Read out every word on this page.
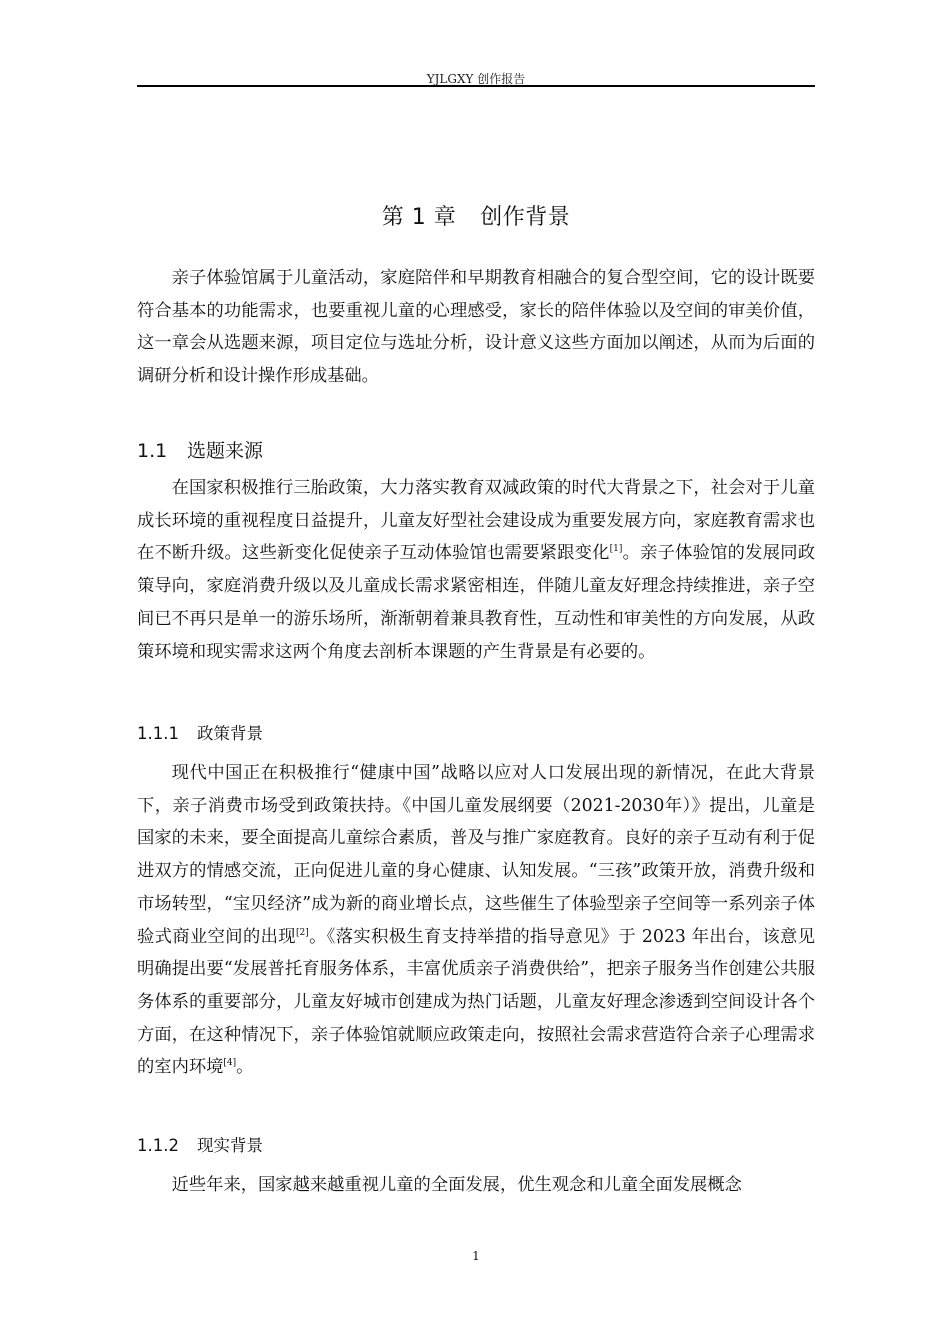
YJLGXY 创作报告
第 1 章 创作背景

亲子体验馆属于儿童活动，家庭陪伴和早期教育相融合的复合型空间，它的设计既要符合基本的功能需求，也要重视儿童的心理感受，家长的陪伴体验以及空间的审美价值，这一章会从选题来源，项目定位与选址分析，设计意义这些方面加以阐述，从而为后面的调研分析和设计操作形成基础。

1.1 选题来源

在国家积极推行三胎政策，大力落实教育双减政策的时代大背景之下，社会对于儿童成长环境的重视程度日益提升，儿童友好型社会建设成为重要发展方向，家庭教育需求也在不断升级。这些新变化促使亲子互动体验馆也需要紧跟变化[1]。亲子体验馆的发展同政策导向，家庭消费升级以及儿童成长需求紧密相连，伴随儿童友好理念持续推进，亲子空间已不再只是单一的游乐场所，渐渐朝着兼具教育性，互动性和审美性的方向发展，从政策环境和现实需求这两个角度去剖析本课题的产生背景是有必要的。

1.1.1 政策背景

现代中国正在积极推行“健康中国”战略以应对人口发展出现的新情况，在此大背景下，亲子消费市场受到政策扶持。《中国儿童发展纲要（2021-2030年）》提出，儿童是国家的未来，要全面提高儿童综合素质，普及与推广家庭教育。良好的亲子互动有利于促进双方的情感交流，正向促进儿童的身心健康、认知发展。“三孩”政策开放，消费升级和市场转型，“宝贝经济”成为新的商业增长点，这些催生了体验型亲子空间等一系列亲子体验式商业空间的出现[2]。《落实积极生育支持举措的指导意见》于 2023 年出台，该意见明确提出要“发展普托育服务体系，丰富优质亲子消费供给”，把亲子服务当作创建公共服务体系的重要部分，儿童友好城市创建成为热门话题，儿童友好理念渗透到空间设计各个方面，在这种情况下，亲子体验馆就顺应政策走向，按照社会需求营造符合亲子心理需求的室内环境[4]。

1.1.2 现实背景

近些年来，国家越来越重视儿童的全面发展，优生观念和儿童全面发展概念

1
